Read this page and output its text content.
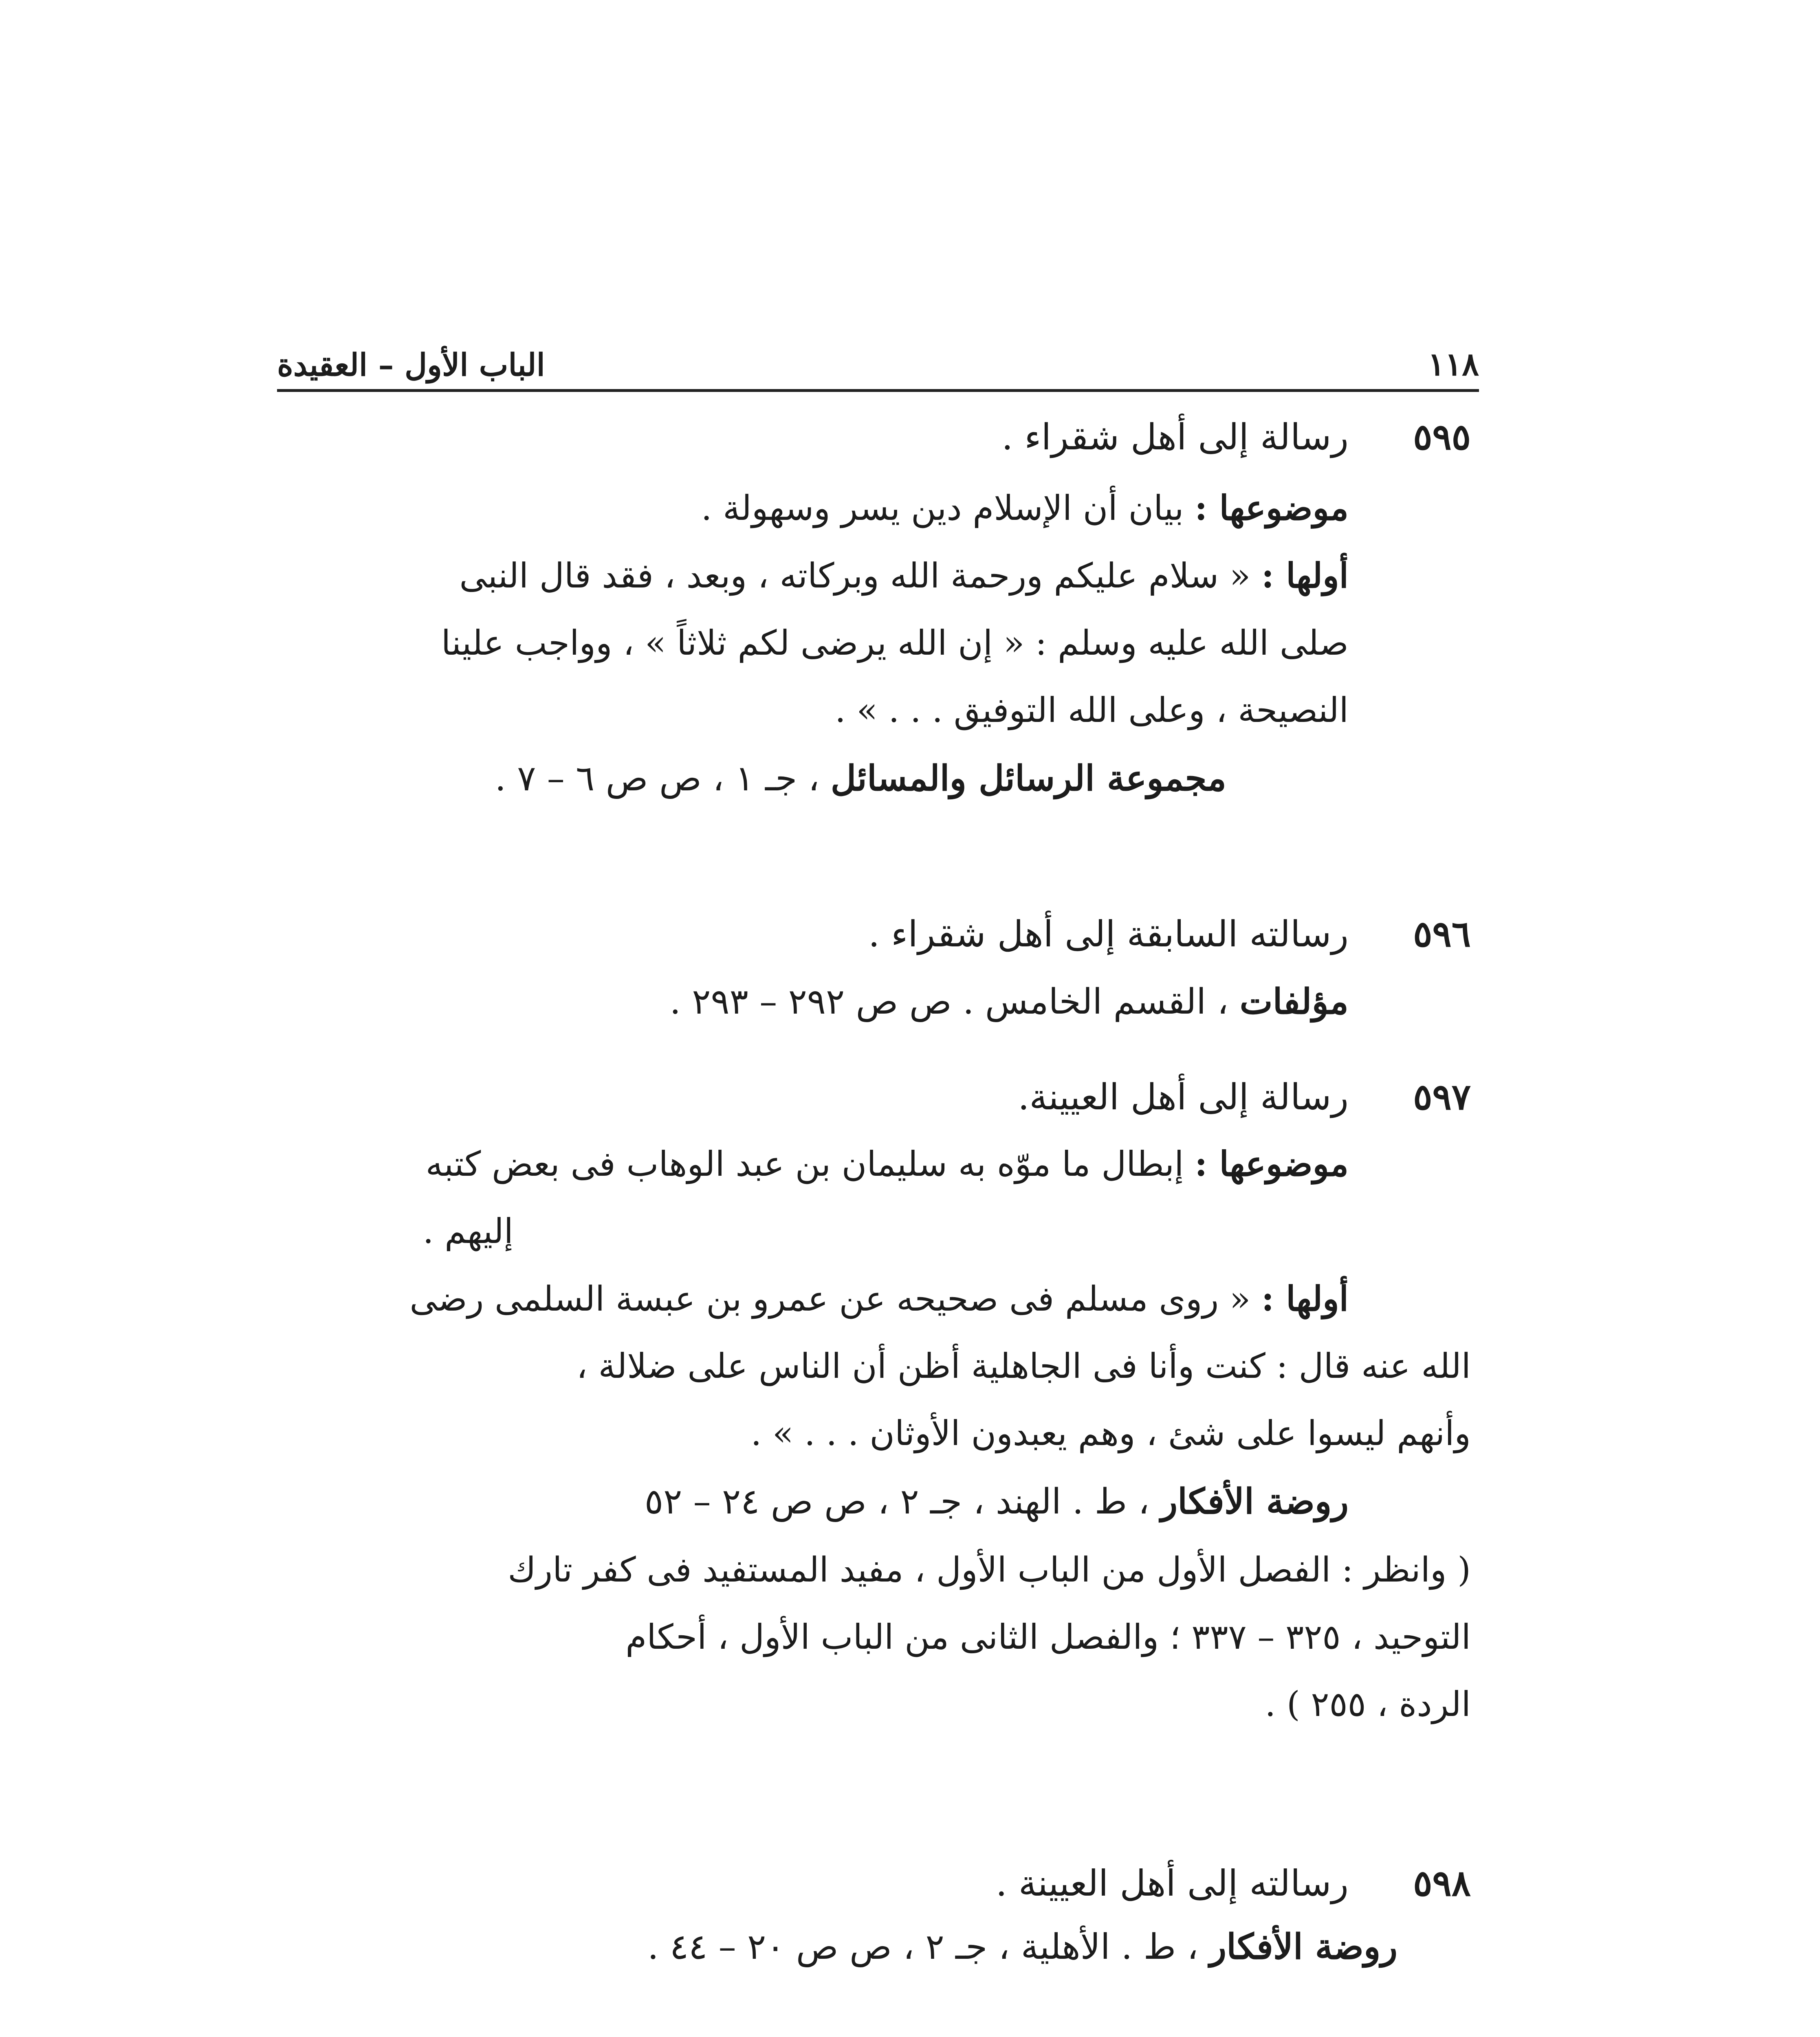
١١٨
الباب الأول – العقيدة
٥٩٥
رسالة إلى أهل شقراء .
موضوعها : بيان أن الإسلام دين يسر وسهولة .
أولها : « سلام عليكم ورحمة الله وبركاته ، وبعد ، فقد قال النبى
صلى الله عليه وسلم : « إن الله يرضى لكم ثلاثاً » ، وواجب علينا
النصيحة ، وعلى الله التوفيق . . . » .
مجموعة الرسائل والمسائل ، جـ ١ ، ص ص ٦ – ٧ .
٥٩٦
رسالته السابقة إلى أهل شقراء .
مؤلفات ، القسم الخامس . ص ص ٢٩٢ – ٢٩٣ .
٥٩٧
رسالة إلى أهل العيينة.
موضوعها : إبطال ما موّه به سليمان بن عبد الوهاب فى بعض كتبه
إليهم .
أولها : « روى مسلم فى صحيحه عن عمرو بن عبسة السلمى رضى
الله عنه قال : كنت وأنا فى الجاهلية أظن أن الناس على ضلالة ،
وأنهم ليسوا على شئ ، وهم يعبدون الأوثان . . . » .
روضة الأفكار ، ط . الهند ، جـ ٢ ، ص ص ٢٤ – ٥٢
( وانظر : الفصل الأول من الباب الأول ، مفيد المستفيد فى كفر تارك
التوحيد ، ٣٢٥ – ٣٣٧ ؛ والفصل الثانى من الباب الأول ، أحكام
الردة ، ٢٥٥ ) .
٥٩٨
رسالته إلى أهل العيينة .
روضة الأفكار ، ط . الأهلية ، جـ ٢ ، ص ص ٢٠ – ٤٤ .
